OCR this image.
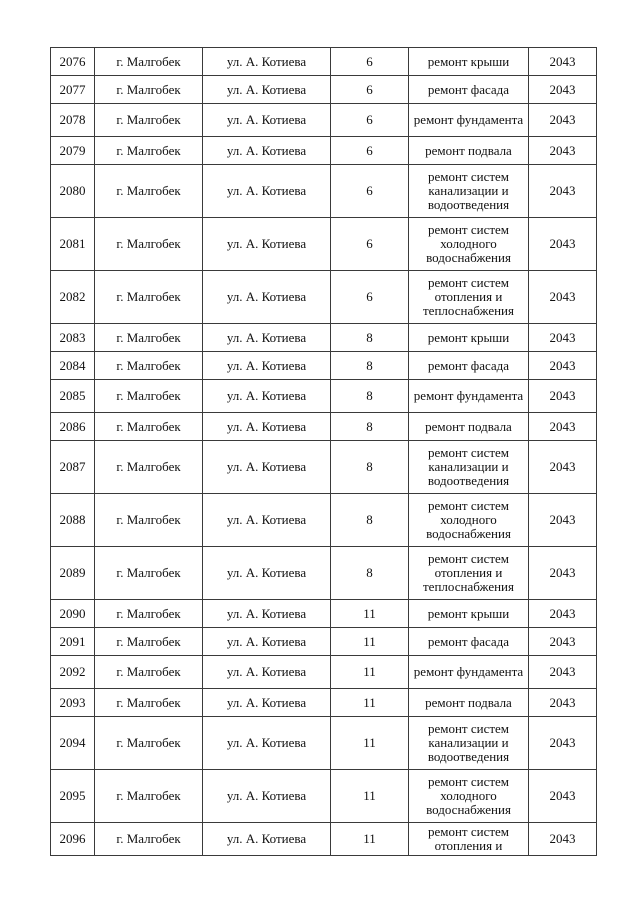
2076	г. Малгобек	ул. А. Котиева	6	ремонт крыши	2043
2077	г. Малгобек	ул. А. Котиева	6	ремонт фасада	2043
2078	г. Малгобек	ул. А. Котиева	6	ремонт фундамента	2043
2079	г. Малгобек	ул. А. Котиева	6	ремонт подвала	2043
2080	г. Малгобек	ул. А. Котиева	6	ремонт систем канализации и водоотведения	2043
2081	г. Малгобек	ул. А. Котиева	6	ремонт систем холодного водоснабжения	2043
2082	г. Малгобек	ул. А. Котиева	6	ремонт систем отопления и теплоснабжения	2043
2083	г. Малгобек	ул. А. Котиева	8	ремонт крыши	2043
2084	г. Малгобек	ул. А. Котиева	8	ремонт фасада	2043
2085	г. Малгобек	ул. А. Котиева	8	ремонт фундамента	2043
2086	г. Малгобек	ул. А. Котиева	8	ремонт подвала	2043
2087	г. Малгобек	ул. А. Котиева	8	ремонт систем канализации и водоотведения	2043
2088	г. Малгобек	ул. А. Котиева	8	ремонт систем холодного водоснабжения	2043
2089	г. Малгобек	ул. А. Котиева	8	ремонт систем отопления и теплоснабжения	2043
2090	г. Малгобек	ул. А. Котиева	11	ремонт крыши	2043
2091	г. Малгобек	ул. А. Котиева	11	ремонт фасада	2043
2092	г. Малгобек	ул. А. Котиева	11	ремонт фундамента	2043
2093	г. Малгобек	ул. А. Котиева	11	ремонт подвала	2043
2094	г. Малгобек	ул. А. Котиева	11	ремонт систем канализации и водоотведения	2043
2095	г. Малгобек	ул. А. Котиева	11	ремонт систем холодного водоснабжения	2043
2096	г. Малгобек	ул. А. Котиева	11	ремонт систем отопления и	2043
